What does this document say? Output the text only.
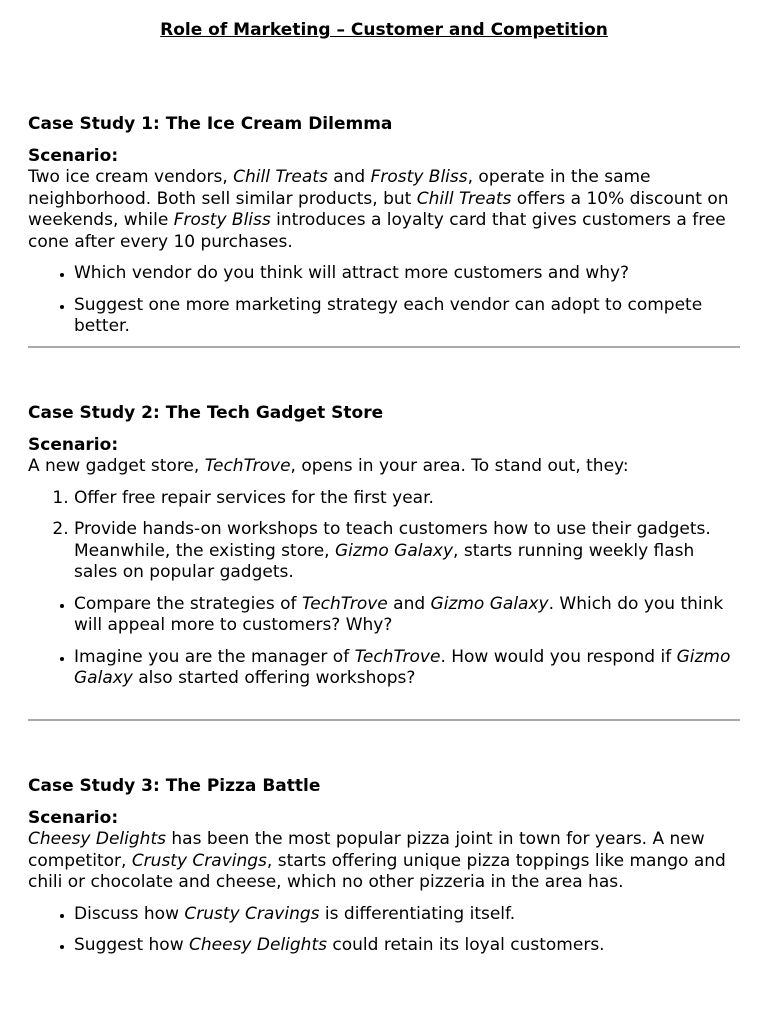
Role of Marketing – Customer and Competition
Case Study 1: The Ice Cream Dilemma
Scenario:

Two ice cream vendors, Chill Treats and Frosty Bliss, operate in the same neighborhood. Both sell similar products, but Chill Treats offers a 10% discount on weekends, while Frosty Bliss introduces a loyalty card that gives customers a free cone after every 10 purchases.

• Which vendor do you think will attract more customers and why?
• Suggest one more marketing strategy each vendor can adopt to compete better.
Case Study 2: The Tech Gadget Store
Scenario:

A new gadget store, TechTrove, opens in your area. To stand out, they:

1. Offer free repair services for the first year.
2. Provide hands-on workshops to teach customers how to use their gadgets.
Meanwhile, the existing store, Gizmo Galaxy, starts running weekly flash sales on popular gadgets.
• Compare the strategies of TechTrove and Gizmo Galaxy. Which do you think will appeal more to customers? Why?
• Imagine you are the manager of TechTrove. How would you respond if Gizmo Galaxy also started offering workshops?
Case Study 3: The Pizza Battle
Scenario:

Cheesy Delights has been the most popular pizza joint in town for years. A new competitor, Crusty Cravings, starts offering unique pizza toppings like mango and chili or chocolate and cheese, which no other pizzeria in the area has.

• Discuss how Crusty Cravings is differentiating itself.
• Suggest how Cheesy Delights could retain its loyal customers.
